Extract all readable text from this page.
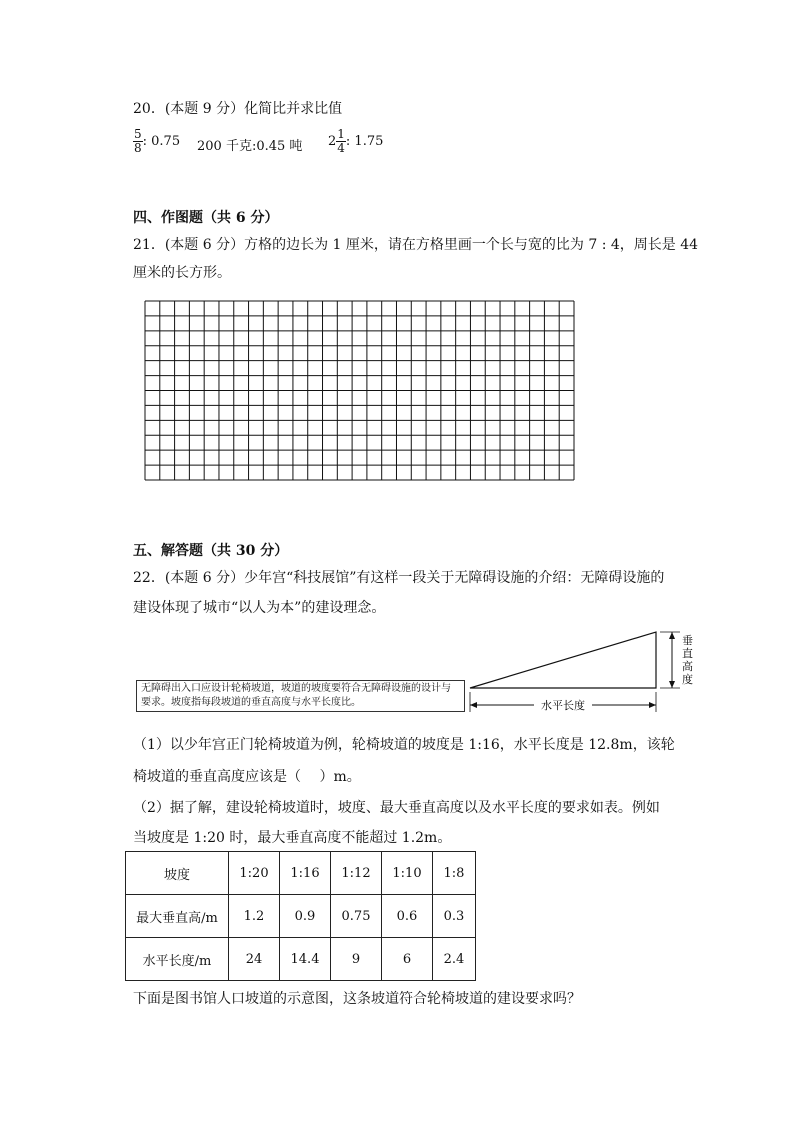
20．(本题 9 分）化简比并求比值
$\frac{5}{8}$ : 0.75 200 千克:0.45 吨 $2 \frac{1}{4}$ : 1.75
四、作图题（共 6 分）
21．(本题 6 分）方格的边长为 1 厘米，请在方格里画一个长与宽的比为 7 : 4，周长是 44
厘米的长方形。
五、解答题（共 30 分）
22．(本题 6 分）少年宫“科技展馆”有这样一段关于无障碍设施的介绍：无障碍设施的
建设体现了城市“以人为本”的建设理念。
无障碍出入口应设计轮椅坡道，坡道的坡度要符合无障碍设施的设计与要求。坡度指每段坡道的垂直高度与水平长度比。	水平长度
垂
直
高
度
（1）以少年宫正门轮椅坡道为例，轮椅坡道的坡度是 1:16，水平长度是 12.8m，该轮
椅坡道的垂直高度应该是（　 ）m。
（2）据了解，建设轮椅坡道时，坡度、最大垂直高度以及水平长度的要求如表。例如
当坡度是 1:20 时，最大垂直高度不能超过 1.2m。
坡度	1:20	1:16	1:12	1:10	1:8
最大垂直高/m	1.2	0.9	0.75	0.6	0.3
水平长度/m	24	14.4	9	6	2.4
下面是图书馆人口坡道的示意图，这条坡道符合轮椅坡道的建设要求吗？
